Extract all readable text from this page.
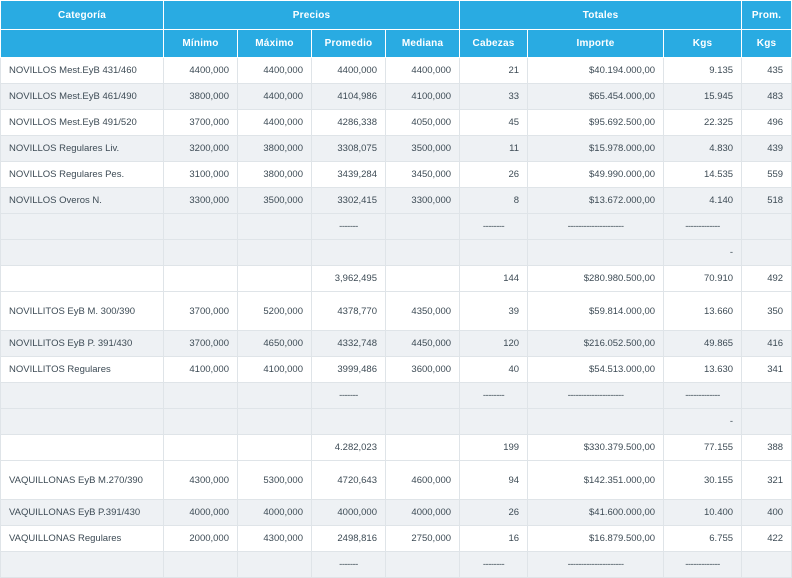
Categoría	Precios				Totales			Prom.
	Mínimo	Máximo	Promedio	Mediana	Cabezas	Importe	Kgs	Kgs
NOVILLOS Mest.EyB 431/460	4400,000	4400,000	4400,000	4400,000	21	$40.194.000,00	9.135	435
NOVILLOS Mest.EyB 461/490	3800,000	4400,000	4104,986	4100,000	33	$65.454.000,00	15.945	483
NOVILLOS Mest.EyB 491/520	3700,000	4400,000	4286,338	4050,000	45	$95.692.500,00	22.325	496
NOVILLOS Regulares Liv.	3200,000	3800,000	3308,075	3500,000	11	$15.978.000,00	4.830	439
NOVILLOS Regulares Pes.	3100,000	3800,000	3439,284	3450,000	26	$49.990.000,00	14.535	559
NOVILLOS Overos N.	3300,000	3500,000	3302,415	3300,000	8	$13.672.000,00	4.140	518
			-------		--------	---------------------	-------------	
							-	
			3,962,495		144	$280.980.500,00	70.910	492
NOVILLITOS EyB M. 300/390	3700,000	5200,000	4378,770	4350,000	39	$59.814.000,00	13.660	350
NOVILLITOS EyB P. 391/430	3700,000	4650,000	4332,748	4450,000	120	$216.052.500,00	49.865	416
NOVILLITOS Regulares	4100,000	4100,000	3999,486	3600,000	40	$54.513.000,00	13.630	341
			-------		--------	---------------------	-------------	
							-	
			4.282,023		199	$330.379.500,00	77.155	388
VAQUILLONAS EyB M.270/390	4300,000	5300,000	4720,643	4600,000	94	$142.351.000,00	30.155	321
VAQUILLONAS EyB P.391/430	4000,000	4000,000	4000,000	4000,000	26	$41.600.000,00	10.400	400
VAQUILLONAS Regulares	2000,000	4300,000	2498,816	2750,000	16	$16.879.500,00	6.755	422
			-------		--------	---------------------	-------------	
